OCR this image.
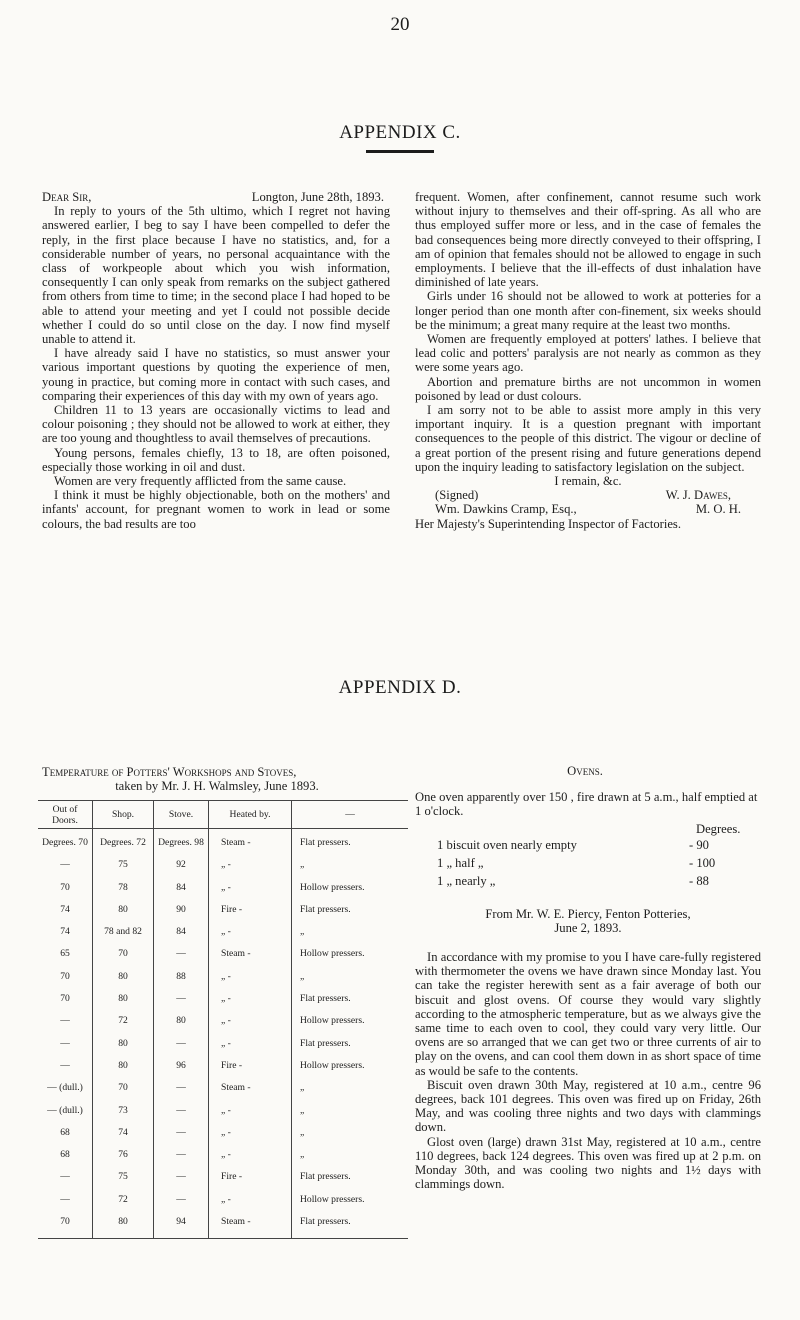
20
APPENDIX C.
Dear Sir,	Longton, June 28th, 1893.

In reply to yours of the 5th ultimo, which I regret not having answered earlier, I beg to say I have been compelled to defer the reply, in the first place because I have no statistics, and, for a considerable number of years, no personal acquaintance with the class of workpeople about which you wish information, consequently I can only speak from remarks on the subject gathered from others from time to time; in the second place I had hoped to be able to attend your meeting and yet I could not possible decide whether I could do so until close on the day. I now find myself unable to attend it.

I have already said I have no statistics, so must answer your various important questions by quoting the experience of men, young in practice, but coming more in contact with such cases, and comparing their experiences of this day with my own of years ago.

Children 11 to 13 years are occasionally victims to lead and colour poisoning ; they should not be allowed to work at either, they are too young and thoughtless to avail themselves of precautions.

Young persons, females chiefly, 13 to 18, are often poisoned, especially those working in oil and dust.

Women are very frequently afflicted from the same cause.

I think it must be highly objectionable, both on the mothers' and infants' account, for pregnant women to work in lead or some colours, the bad results are too

frequent. Women, after confinement, cannot resume such work without injury to themselves and their off-spring. As all who are thus employed suffer more or less, and in the case of females the bad consequences being more directly conveyed to their offspring, I am of opinion that females should not be allowed to engage in such employments. I believe that the ill-effects of dust inhalation have diminished of late years.

Girls under 16 should not be allowed to work at potteries for a longer period than one month after con-finement, six weeks should be the minimum; a great many require at the least two months.

Women are frequently employed at potters' lathes. I believe that lead colic and potters' paralysis are not nearly as common as they were some years ago.

Abortion and premature births are not uncommon in women poisoned by lead or dust colours.

I am sorry not to be able to assist more amply in this very important inquiry. It is a question pregnant with important consequences to the people of this district. The vigour or decline of a great portion of the present rising and future generations depend upon the inquiry leading to satisfactory legislation on the subject.

I remain, &c.
(Signed)	W. J. Dawes,
Wm. Dawkins Cramp, Esq.,	M. O. H.
Her Majesty's Superintending Inspector of Factories.
APPENDIX D.
Temperature of Potters' Workshops and Stoves,
taken by Mr. J. H. Walmsley, June 1893.
Out of Doors.	Shop.	Stove.	Heated by.	—
Degrees. 70	Degrees. 72	Degrees. 98	Steam -	Flat pressers.
—	75	92	„ -	„
70	78	84	„ -	Hollow pressers.
74	80	90	Fire -	Flat pressers.
74	78 and 82	84	„ -	„
65	70	—	Steam -	Hollow pressers.
70	80	88	„ -	„
70	80	—	„ -	Flat pressers.
—	72	80	„ -	Hollow pressers.
—	80	—	„ -	Flat pressers.
—	80	96	Fire -	Hollow pressers.
— (dull.)	70	—	Steam -	„
— (dull.)	73	—	„ -	„
68	74	—	„ -	„
68	76	—	„ -	„
—	75	—	Fire -	Flat pressers.
—	72	—	„ -	Hollow pressers.
70	80	94	Steam -	Flat pressers.
Ovens.
One oven apparently over 150 , fire drawn at 5 a.m., half emptied at 1 o'clock.
Degrees.
1 biscuit oven nearly empty	- 90
1 „ half „	- 100
1 „ nearly „	- 88
From Mr. W. E. Piercy, Fenton Potteries,
June 2, 1893.

In accordance with my promise to you I have care-fully registered with thermometer the ovens we have drawn since Monday last. You can take the register herewith sent as a fair average of both our biscuit and glost ovens. Of course they would vary slightly according to the atmospheric temperature, but as we always give the same time to each oven to cool, they could vary very little. Our ovens are so arranged that we can get two or three currents of air to play on the ovens, and can cool them down in as short space of time as would be safe to the contents.

Biscuit oven drawn 30th May, registered at 10 a.m., centre 96 degrees, back 101 degrees. This oven was fired up on Friday, 26th May, and was cooling three nights and two days with clammings down.

Glost oven (large) drawn 31st May, registered at 10 a.m., centre 110 degrees, back 124 degrees. This oven was fired up at 2 p.m. on Monday 30th, and was cooling two nights and 1½ days with clammings down.
